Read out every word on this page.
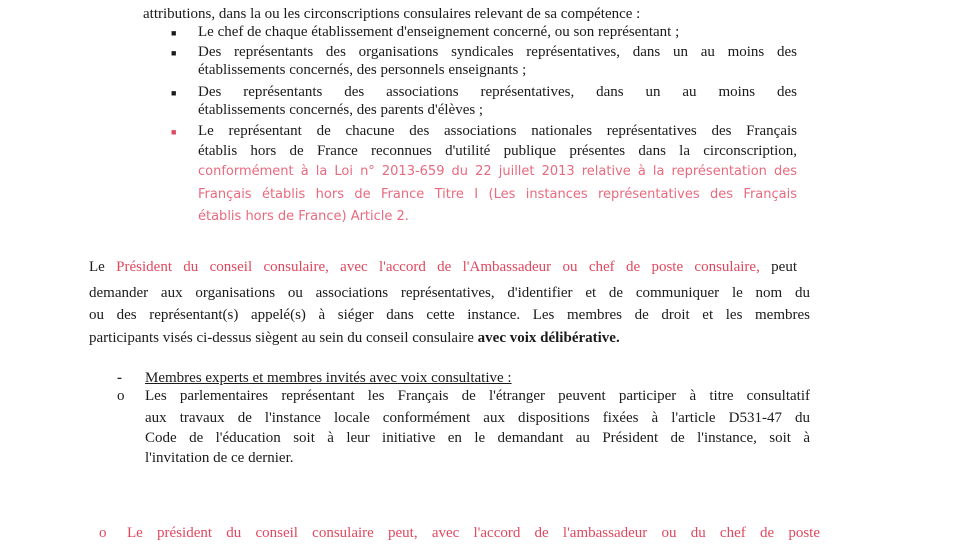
attributions, dans la ou les circonscriptions consulaires relevant de sa compétence :
■ Le chef de chaque établissement d'enseignement concerné, ou son représentant ;
■ Des représentants des organisations syndicales représentatives, dans un au moins des
établissements concernés, des personnels enseignants ;
■ Des représentants des associations représentatives, dans un au moins des
établissements concernés, des parents d'élèves ;
■ Le représentant de chacune des associations nationales représentatives des Français
établis hors de France reconnues d'utilité publique présentes dans la circonscription,
conformément à la Loi n° 2013-659 du 22 juillet 2013 relative à la représentation des
Français établis hors de France Titre I (Les instances représentatives des Français
établis hors de France) Article 2.
Le Président du conseil consulaire, avec l'accord de l'Ambassadeur ou chef de poste consulaire, peut
demander aux organisations ou associations représentatives, d'identifier et de communiquer le nom du
ou des représentant(s) appelé(s) à siéger dans cette instance. Les membres de droit et les membres
participants visés ci-dessus siègent au sein du conseil consulaire avec voix délibérative.
- Membres experts et membres invités avec voix consultative :
o Les parlementaires représentant les Français de l'étranger peuvent participer à titre consultatif
aux travaux de l'instance locale conformément aux dispositions fixées à l'article D531-47 du
Code de l'éducation soit à leur initiative en le demandant au Président de l'instance, soit à
l'invitation de ce dernier.
o Le président du conseil consulaire peut, avec l'accord de l'ambassadeur ou du chef de poste
